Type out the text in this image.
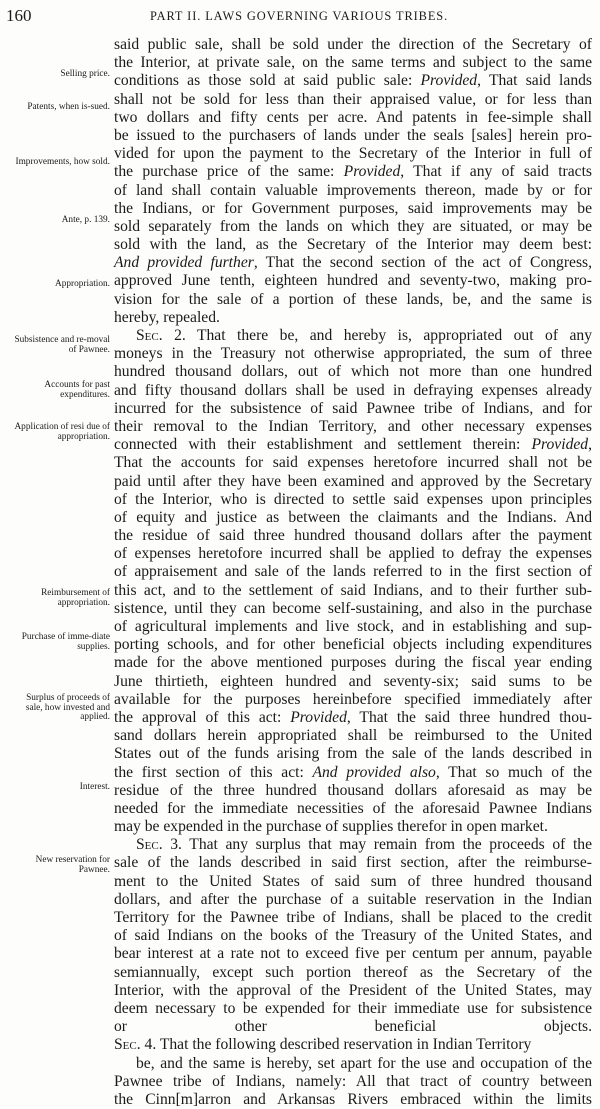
160	PART II. LAWS GOVERNING VARIOUS TRIBES.
Selling price.
Patents, when is-sued.
Improvements, how sold.
Ante, p. 139.
Appropriation.
Subsistence and re-moval of Pawnee.
Accounts for past expenditures.
Application of resi due of appropriation.
Reimbursement of appropriation.
Purchase of imme-diate supplies.
Surplus of proceeds of sale, how invested and applied.
Interest.
New reservation for Pawnee.
said public sale, shall be sold under the direction of the Secretary of
the Interior, at private sale, on the same terms and subject to the same
conditions as those sold at said public sale: Provided, That said lands
shall not be sold for less than their appraised value, or for less than
two dollars and fifty cents per acre. And patents in fee-simple shall
be issued to the purchasers of lands under the seals [sales] herein pro-
vided for upon the payment to the Secretary of the Interior in full of
the purchase price of the same: Provided, That if any of said tracts
of land shall contain valuable improvements thereon, made by or for
the Indians, or for Government purposes, said improvements may be
sold separately from the lands on which they are situated, or may be
sold with the land, as the Secretary of the Interior may deem best:
And provided further, That the second section of the act of Congress,
approved June tenth, eighteen hundred and seventy-two, making pro-
vision for the sale of a portion of these lands, be, and the same is
hereby, repealed.
Sec. 2. That there be, and hereby is, appropriated out of any
moneys in the Treasury not otherwise appropriated, the sum of three
hundred thousand dollars, out of which not more than one hundred
and fifty thousand dollars shall be used in defraying expenses already
incurred for the subsistence of said Pawnee tribe of Indians, and for
their removal to the Indian Territory, and other necessary expenses
connected with their establishment and settlement therein: Provided,
That the accounts for said expenses heretofore incurred shall not be
paid until after they have been examined and approved by the Secretary
of the Interior, who is directed to settle said expenses upon principles
of equity and justice as between the claimants and the Indians. And
the residue of said three hundred thousand dollars after the payment
of expenses heretofore incurred shall be applied to defray the expenses
of appraisement and sale of the lands referred to in the first section of
this act, and to the settlement of said Indians, and to their further sub-
sistence, until they can become self-sustaining, and also in the purchase
of agricultural implements and live stock, and in establishing and sup-
porting schools, and for other beneficial objects including expenditures
made for the above mentioned purposes during the fiscal year ending
June thirtieth, eighteen hundred and seventy-six; said sums to be
available for the purposes hereinbefore specified immediately after
the approval of this act: Provided, That the said three hundred thou-
sand dollars herein appropriated shall be reimbursed to the United
States out of the funds arising from the sale of the lands described in
the first section of this act: And provided also, That so much of the
residue of the three hundred thousand dollars aforesaid as may be
needed for the immediate necessities of the aforesaid Pawnee Indians
may be expended in the purchase of supplies therefor in open market.
Sec. 3. That any surplus that may remain from the proceeds of the
sale of the lands described in said first section, after the reimburse-
ment to the United States of said sum of three hundred thousand
dollars, and after the purchase of a suitable reservation in the Indian
Territory for the Pawnee tribe of Indians, shall be placed to the credit
of said Indians on the books of the Treasury of the United States, and
bear interest at a rate not to exceed five per centum per annum, payable
semiannually, except such portion thereof as the Secretary of the
Interior, with the approval of the President of the United States, may
deem necessary to be expended for their immediate use for subsistence
or other beneficial objects.
Sec. 4. That the following described reservation in Indian Territory
be, and the same is hereby, set apart for the use and occupation of the
Pawnee tribe of Indians, namely: All that tract of country between
the Cinn[m]arron and Arkansas Rivers embraced within the limits
